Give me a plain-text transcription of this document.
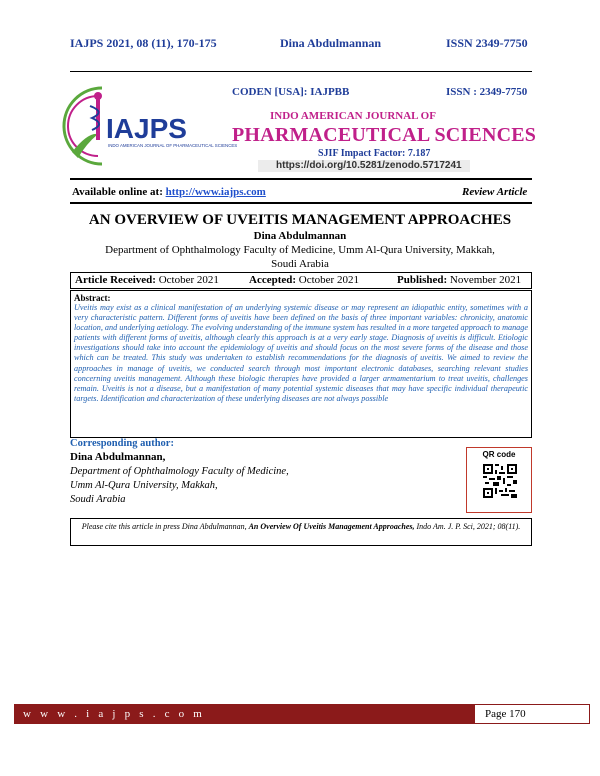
IAJPS 2021, 08 (11), 170-175	Dina Abdulmannan	ISSN 2349-7750
IAJPS
INDO AMERICAN JOURNAL OF PHARMACEUTICAL SCIENCES
CODEN [USA]: IAJPBB	ISSN : 2349-7750
INDO AMERICAN JOURNAL OF
PHARMACEUTICAL SCIENCES
SJIF Impact Factor: 7.187
https://doi.org/10.5281/zenodo.5717241
Available online at: http://www.iajps.com	Review Article
AN OVERVIEW OF UVEITIS MANAGEMENT APPROACHES
Dina Abdulmannan
Department of Ophthalmology Faculty of Medicine, Umm Al-Qura University, Makkah,
Soudi Arabia
Article Received: October 2021	Accepted: October 2021	Published: November 2021
Abstract:
Uveitis may exist as a clinical manifestation of an underlying systemic disease or may represent an idiopathic entity, sometimes with a very characteristic pattern. Different forms of uveitis have been defined on the basis of three important variables: chronicity, anatomic location, and underlying aetiology. The evolving understanding of the immune system has resulted in a more targeted approach to manage patients with different forms of uveitis, although clearly this approach is at a very early stage. Diagnosis of uveitis is difficult. Etiologic investigations should take into account the epidemiology of uveitis and should focus on the most severe forms of the disease and those which can be treated. This study was undertaken to establish recommendations for the diagnosis of uveitis. We aimed to review the approaches in manage of uveitis, we conducted search through most important electronic databases, searching relevant studies concerning uveitis management. Although these biologic therapies have provided a larger armamentarium to treat uveitis, challenges remain. Uveitis is not a disease, but a manifestation of many potential systemic diseases that may have specific individual therapeutic targets. Identification and characterization of these underlying diseases are not always possible
Corresponding author:
Dina Abdulmannan,
Department of Ophthalmology Faculty of Medicine,
Umm Al-Qura University, Makkah,
Soudi Arabia
QR code
Please cite this article in press Dina Abdulmannan, An Overview Of Uveitis Management Approaches, Indo Am. J. P. Sci, 2021; 08(11).
w w w . i a j p s . c o m	Page 170
